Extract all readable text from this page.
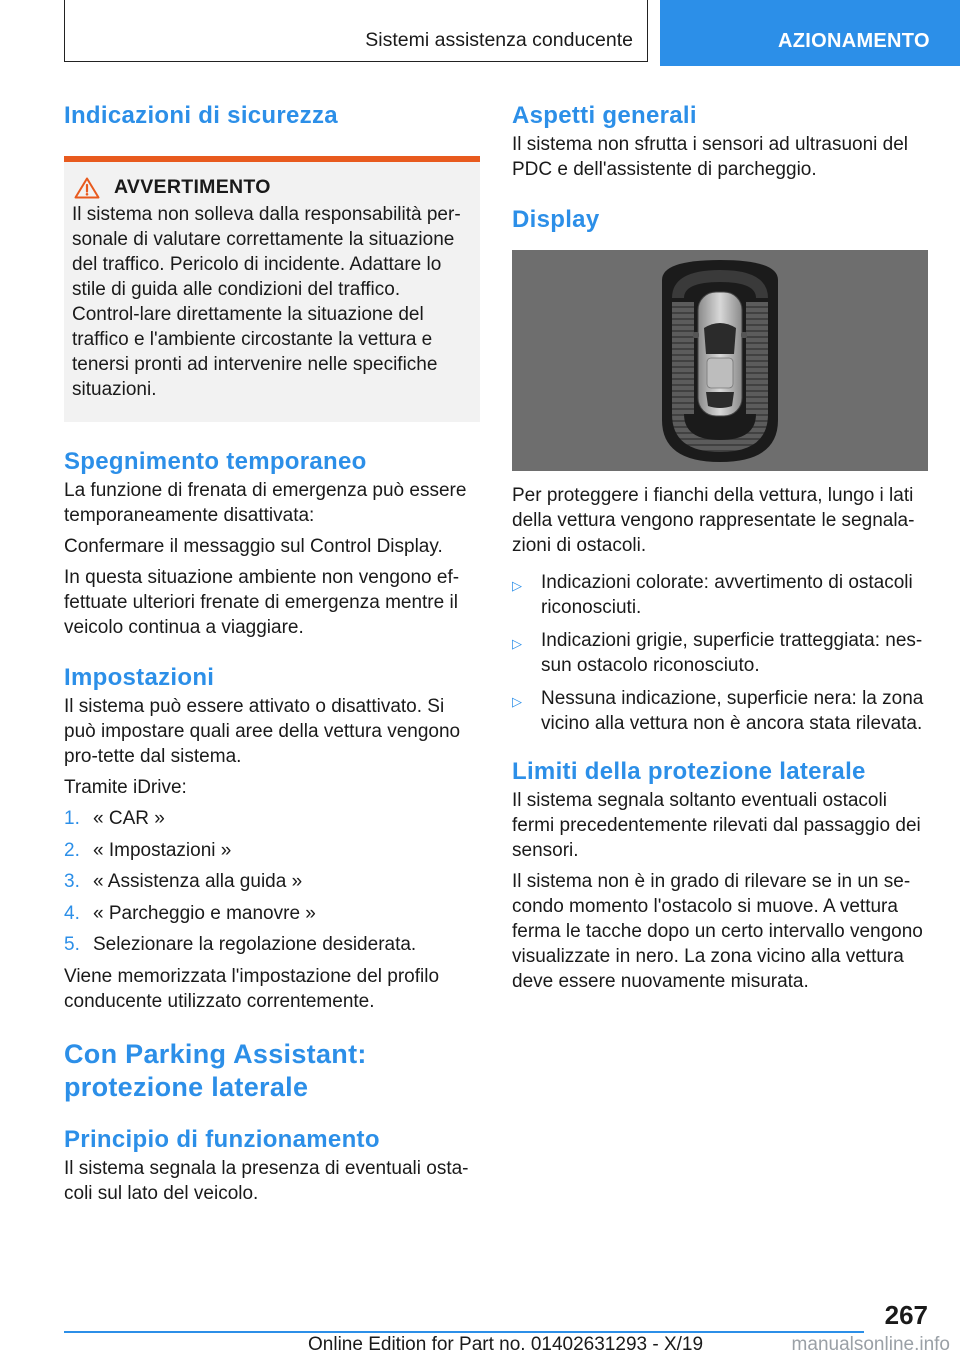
Sistemi assistenza conducente	AZIONAMENTO
Indicazioni di sicurezza
AVVERTIMENTO

Il sistema non solleva dalla responsabilità per-sonale di valutare correttamente la situazione del traffico. Pericolo di incidente. Adattare lo stile di guida alle condizioni del traffico. Control-lare direttamente la situazione del traffico e l'ambiente circostante la vettura e tenersi pronti ad intervenire nelle specifiche situazioni.

Spegnimento temporaneo

La funzione di frenata di emergenza può essere temporaneamente disattivata:

Confermare il messaggio sul Control Display.

In questa situazione ambiente non vengono ef-fettuate ulteriori frenate di emergenza mentre il veicolo continua a viaggiare.

Impostazioni

Il sistema può essere attivato o disattivato. Si può impostare quali aree della vettura vengono pro-tette dal sistema.

Tramite iDrive:

1. « CAR »
2. « Impostazioni »
3. « Assistenza alla guida »
4. « Parcheggio e manovre »
5. Selezionare la regolazione desiderata.

Viene memorizzata l'impostazione del profilo conducente utilizzato correntemente.

Con Parking Assistant: protezione laterale
Principio di funzionamento

Il sistema segnala la presenza di eventuali osta-coli sul lato del veicolo.

Aspetti generali

Il sistema non sfrutta i sensori ad ultrasuoni del PDC e dell'assistente di parcheggio.

Display

Per proteggere i fianchi della vettura, lungo i lati della vettura vengono rappresentate le segnala-zioni di ostacoli.

▷	Indicazioni colorate: avvertimento di ostacoli riconosciuti.
▷	Indicazioni grigie, superficie tratteggiata: nes-sun ostacolo riconosciuto.
▷	Nessuna indicazione, superficie nera: la zona vicino alla vettura non è ancora stata rilevata.
Limiti della protezione laterale

Il sistema segnala soltanto eventuali ostacoli fermi precedentemente rilevati dal passaggio dei sensori.

Il sistema non è in grado di rilevare se in un se-condo momento l'ostacolo si muove. A vettura ferma le tacche dopo un certo intervallo vengono visualizzate in nero. La zona vicino alla vettura deve essere nuovamente misurata.

267
Online Edition for Part no. 01402631293 - X/19	manualsonline.info
